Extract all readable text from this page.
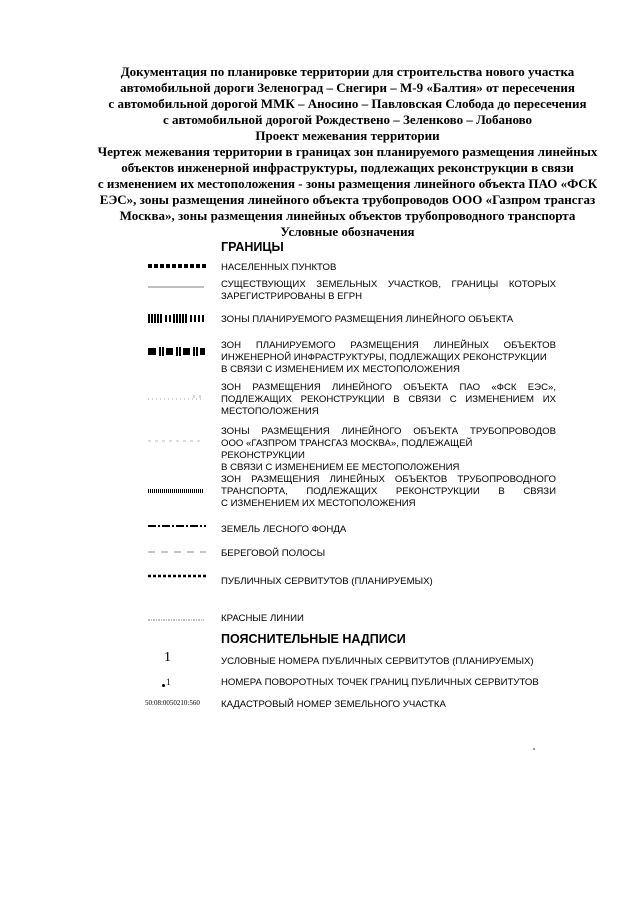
Документация по планировке территории для строительства нового участка
автомобильной дороги Зеленоград – Снегири – М-9 «Балтия» от пересечения
с автомобильной дорогой ММК – Аносино – Павловская Слобода до пересечения
с автомобильной дорогой Рождествено – Зеленково – Лобаново
Проект межевания территории
Чертеж межевания территории в границах зон планируемого размещения линейных
объектов инженерной инфраструктуры, подлежащих реконструкции в связи
с изменением их местоположения - зоны размещения линейного объекта ПАО «ФСК
ЕЭС», зоны размещения линейного объекта трубопроводов ООО «Газпром трансгаз
Москва», зоны размещения линейных объектов трубопроводного транспорта
Условные обозначения
ГРАНИЦЫ
НАСЕЛЕННЫХ ПУНКТОВ
СУЩЕСТВУЮЩИХ ЗЕМЕЛЬНЫХ УЧАСТКОВ, ГРАНИЦЫ КОТОРЫХ
ЗАРЕГИСТРИРОВАНЫ В ЕГРН
ЗОНЫ ПЛАНИРУЕМОГО РАЗМЕЩЕНИЯ ЛИНЕЙНОГО ОБЪЕКТА
ЗОН ПЛАНИРУЕМОГО РАЗМЕЩЕНИЯ ЛИНЕЙНЫХ ОБЪЕКТОВ
ИНЖЕНЕРНОЙ ИНФРАСТРУКТУРЫ, ПОДЛЕЖАЩИХ РЕКОНСТРУКЦИИ
В СВЯЗИ С ИЗМЕНЕНИЕМ ИХ МЕСТОПОЛОЖЕНИЯ
ЗОН РАЗМЕЩЕНИЯ ЛИНЕЙНОГО ОБЪЕКТА ПАО «ФСК ЕЭС»,
ПОДЛЕЖАЩИХ РЕКОНСТРУКЦИИ В СВЯЗИ С ИЗМЕНЕНИЕМ ИХ
МЕСТОПОЛОЖЕНИЯ
ЗОНЫ РАЗМЕЩЕНИЯ ЛИНЕЙНОГО ОБЪЕКТА ТРУБОПРОВОДОВ
ООО «ГАЗПРОМ ТРАНСГАЗ МОСКВА», ПОДЛЕЖАЩЕЙ РЕКОНСТРУКЦИИ
В СВЯЗИ С ИЗМЕНЕНИЕМ ЕЕ МЕСТОПОЛОЖЕНИЯ
ЗОН РАЗМЕЩЕНИЯ ЛИНЕЙНЫХ ОБЪЕКТОВ ТРУБОПРОВОДНОГО
ТРАНСПОРТА, ПОДЛЕЖАЩИХ РЕКОНСТРУКЦИИ В СВЯЗИ
С ИЗМЕНЕНИЕМ ИХ МЕСТОПОЛОЖЕНИЯ
ЗЕМЕЛЬ ЛЕСНОГО ФОНДА
БЕРЕГОВОЙ ПОЛОСЫ
ПУБЛИЧНЫХ СЕРВИТУТОВ (ПЛАНИРУЕМЫХ)
КРАСНЫЕ ЛИНИИ
ПОЯСНИТЕЛЬНЫЕ НАДПИСИ
1	УСЛОВНЫЕ НОМЕРА ПУБЛИЧНЫХ СЕРВИТУТОВ (ПЛАНИРУЕМЫХ)
1	НОМЕРА ПОВОРОТНЫХ ТОЧЕК ГРАНИЦ ПУБЛИЧНЫХ СЕРВИТУТОВ
50:08:0050210:560 КАДАСТРОВЫЙ НОМЕР ЗЕМЕЛЬНОГО УЧАСТКА
